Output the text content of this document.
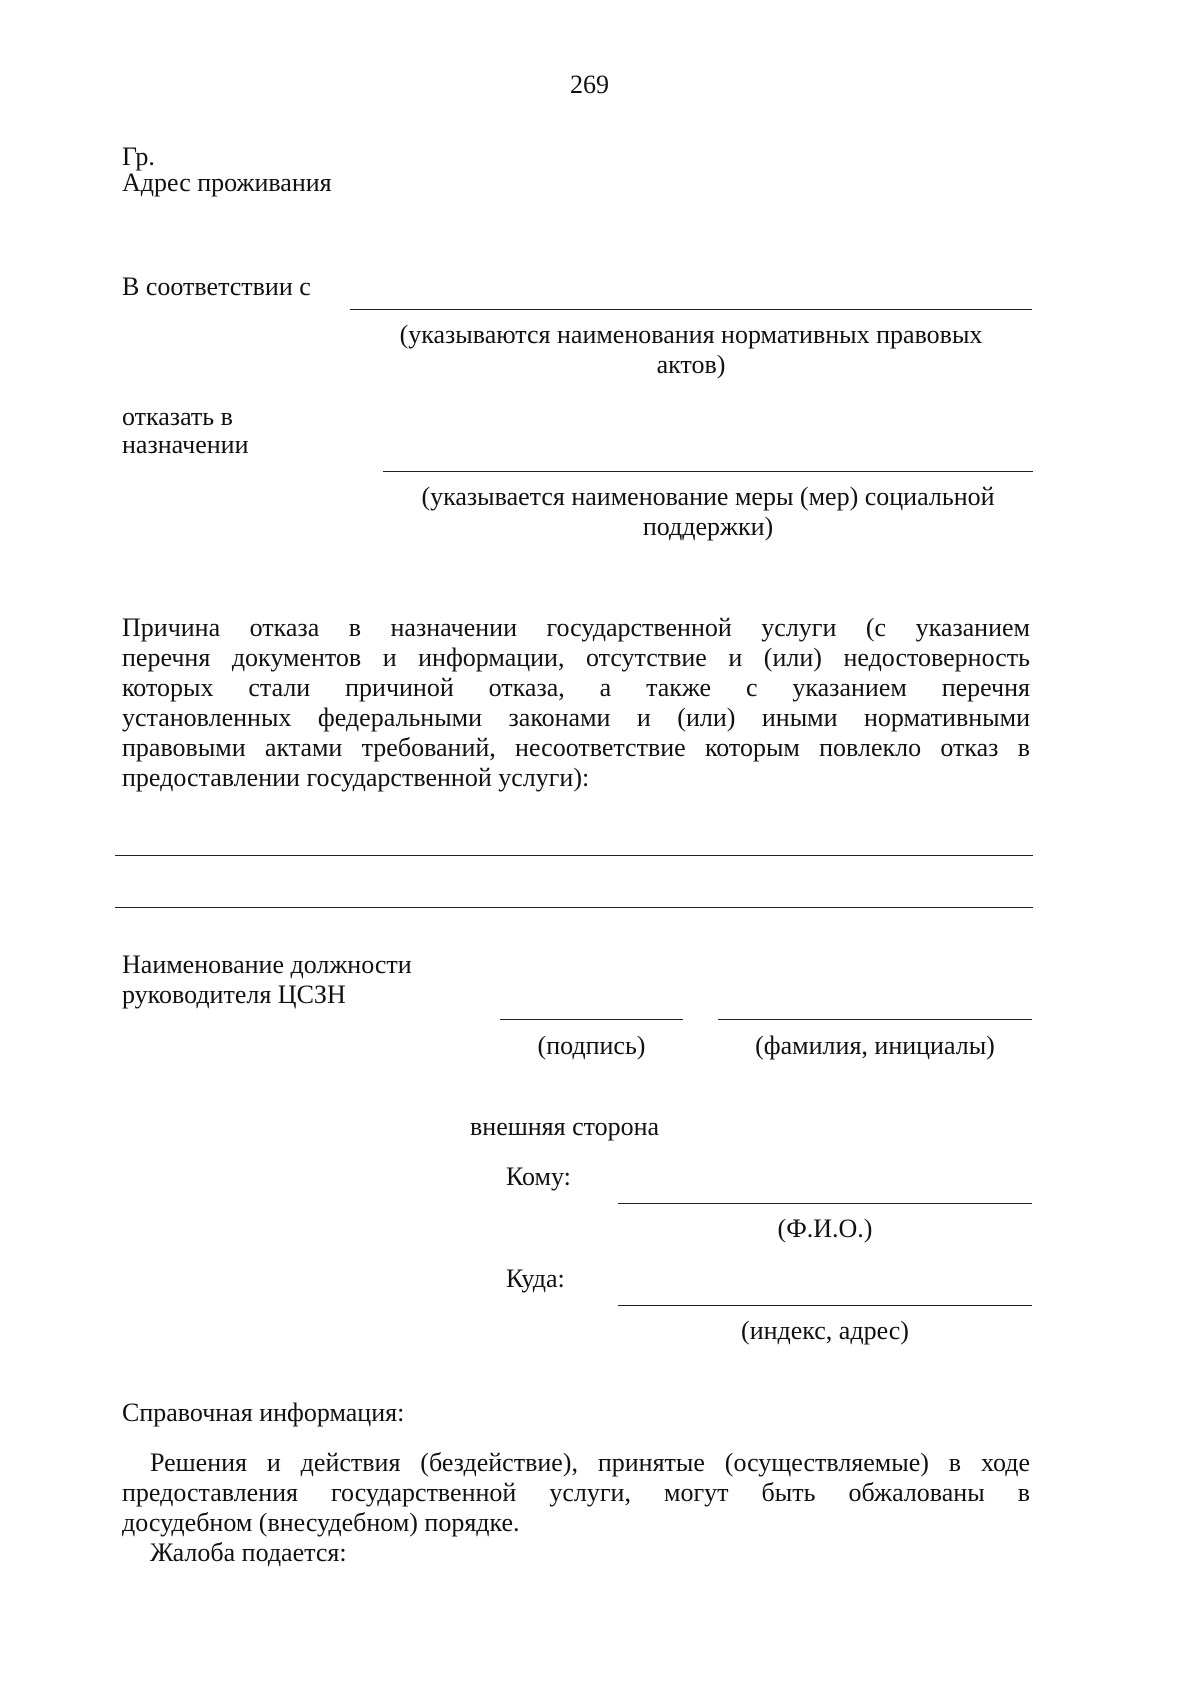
269
Гр.
Адрес проживания
В соответствии с
(указываются наименования нормативных правовых
актов)
отказать в
назначении
(указывается наименование меры (мер) социальной
поддержки)
Причина отказа в назначении государственной услуги (с указанием
перечня документов и информации, отсутствие и (или) недостоверность
которых стали причиной отказа, а также с указанием перечня
установленных федеральными законами и (или) иными нормативными
правовыми актами требований, несоответствие которым повлекло отказ в
предоставлении государственной услуги):
Наименование должности
руководителя ЦСЗН
(подпись)	(фамилия, инициалы)
внешняя сторона
Кому:
(Ф.И.О.)
Куда:
(индекс, адрес)
Справочная информация:
Решения и действия (бездействие), принятые (осуществляемые) в ходе
предоставления государственной услуги, могут быть обжалованы в
досудебном (внесудебном) порядке.
Жалоба подается:
